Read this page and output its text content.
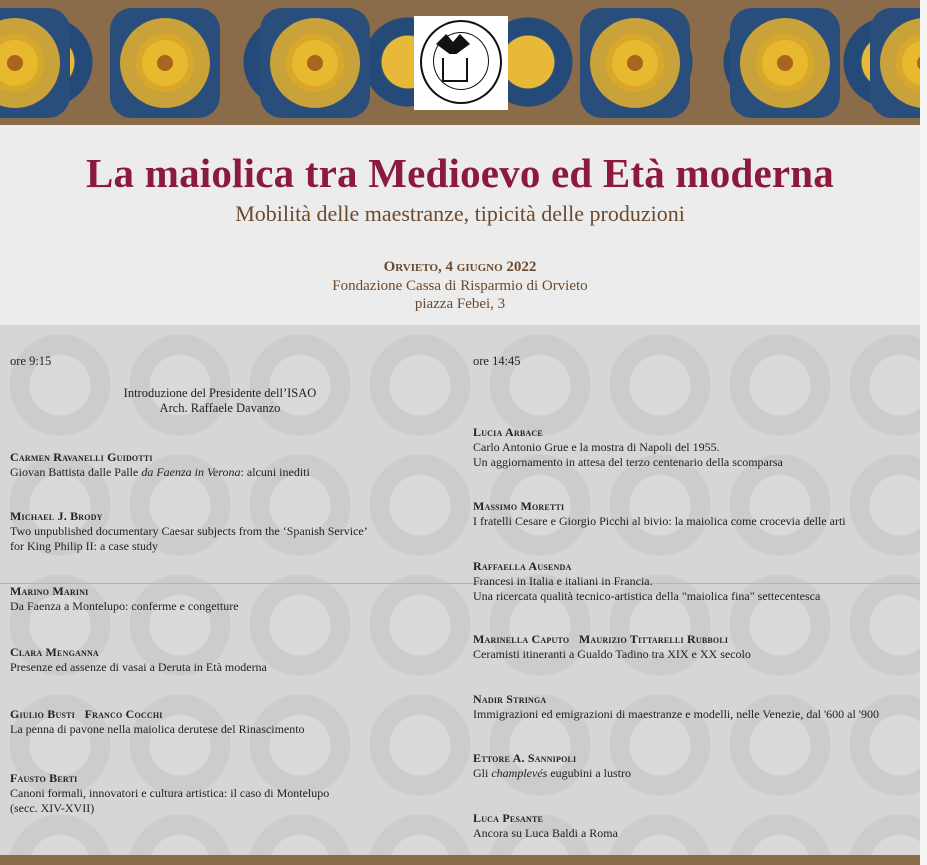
La maiolica tra Medioevo ed Età moderna
Mobilità delle maestranze, tipicità delle produzioni
Orvieto, 4 giugno 2022
Fondazione Cassa di Risparmio di Orvieto
piazza Febei, 3
ore 9:15
Introduzione del Presidente dell’ISAO
Arch. Raffaele Davanzo
Carmen Ravanelli Guidotti
Giovan Battista dalle Palle da Faenza in Verona: alcuni inediti
Michael J. Brody
Two unpublished documentary Caesar subjects from the ‘Spanish Service’
for King Philip II: a case study
Marino Marini
Da Faenza a Montelupo: conferme e congetture
Clara Menganna
Presenze ed assenze di vasai a Deruta in Età moderna
Giulio Busti   Franco Cocchi
La penna di pavone nella maiolica derutese del Rinascimento
Fausto Berti
Canoni formali, innovatori e cultura artistica: il caso di Montelupo
(secc. XIV-XVII)
ore 14:45
Lucia Arbace
Carlo Antonio Grue e la mostra di Napoli del 1955.
Un aggiornamento in attesa del terzo centenario della scomparsa
Massimo Moretti
I fratelli Cesare e Giorgio Picchi al bivio: la maiolica come crocevia delle arti
Raffaella Ausenda
Francesi in Italia e italiani in Francia.
Una ricercata qualità tecnico-artistica della "maiolica fina" settecentesca
Marinella Caputo   Maurizio Tittarelli Rubboli
Ceramisti itineranti a Gualdo Tadino tra XIX e XX secolo
Nadir Stringa
Immigrazioni ed emigrazioni di maestranze e modelli, nelle Venezie, dal '600 al '900
Ettore A. Sannipoli
Gli champlevés eugubini a lustro
Luca Pesante
Ancora su Luca Baldi a Roma
